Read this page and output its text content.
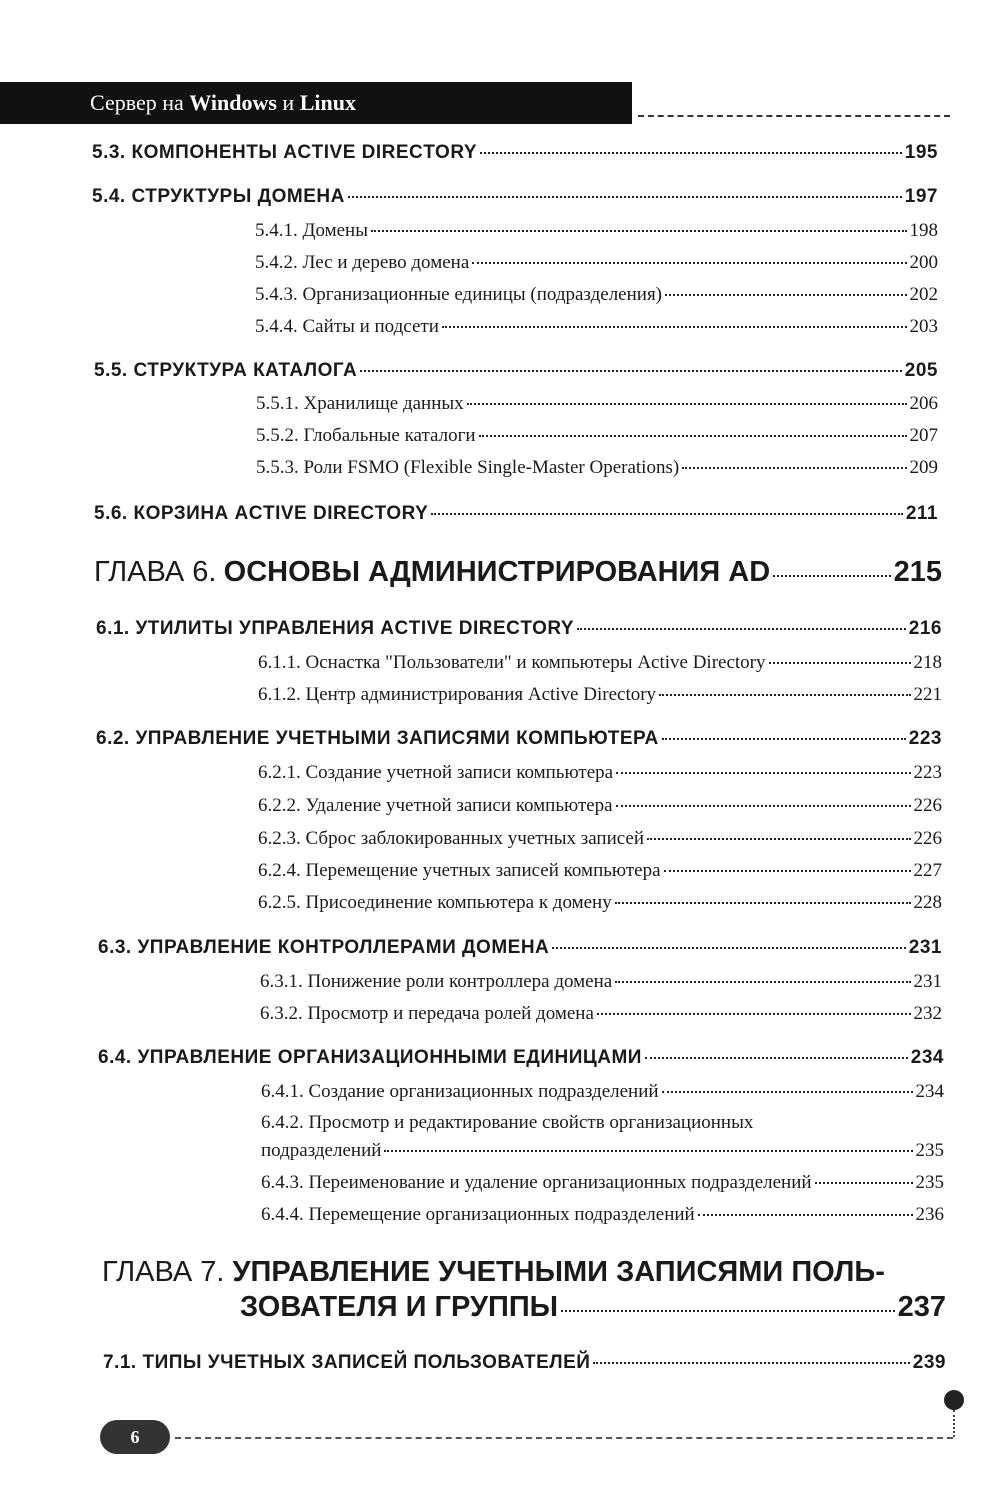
Сервер на
Windows
и
Linux
5.3. КОМПОНЕНТЫ ACTIVE DIRECTORY	195
5.4. СТРУКТУРЫ ДОМЕНА	197
5.4.1. Домены	198
5.4.2. Лес и дерево домена	200
5.4.3. Организационные единицы (подразделения)	202
5.4.4. Сайты и подсети	203
5.5. СТРУКТУРА КАТАЛОГА	205
5.5.1. Хранилище данных	206
5.5.2. Глобальные каталоги	207
5.5.3. Роли FSMO (Flexible Single-Master Operations)	209
5.6. КОРЗИНА ACTIVE DIRECTORY	211
ГЛАВА 6. ОСНОВЫ АДМИНИСТРИРОВАНИЯ AD	215
6.1. УТИЛИТЫ УПРАВЛЕНИЯ ACTIVE DIRECTORY	216
6.1.1. Оснастка "Пользователи" и компьютеры Active Directory	218
6.1.2. Центр администрирования Active Directory	221
6.2. УПРАВЛЕНИЕ УЧЕТНЫМИ ЗАПИСЯМИ КОМПЬЮТЕРА	223
6.2.1. Создание учетной записи компьютера	223
6.2.2. Удаление учетной записи компьютера	226
6.2.3. Сброс заблокированных учетных записей	226
6.2.4. Перемещение учетных записей компьютера	227
6.2.5. Присоединение компьютера к домену	228
6.3. УПРАВЛЕНИЕ КОНТРОЛЛЕРАМИ ДОМЕНА	231
6.3.1. Понижение роли контроллера домена	231
6.3.2. Просмотр и передача ролей домена	232
6.4. УПРАВЛЕНИЕ ОРГАНИЗАЦИОННЫМИ ЕДИНИЦАМИ	234
6.4.1. Создание организационных подразделений	234
6.4.2. Просмотр и редактирование свойств организационных
подразделений	235
6.4.3. Переименование и удаление организационных подразделений	235
6.4.4. Перемещение организационных подразделений	236
ГЛАВА 7. УПРАВЛЕНИЕ УЧЕТНЫМИ ЗАПИСЯМИ ПОЛЬ-
ЗОВАТЕЛЯ И ГРУППЫ	237
7.1. ТИПЫ УЧЕТНЫХ ЗАПИСЕЙ ПОЛЬЗОВАТЕЛЕЙ	239
6
